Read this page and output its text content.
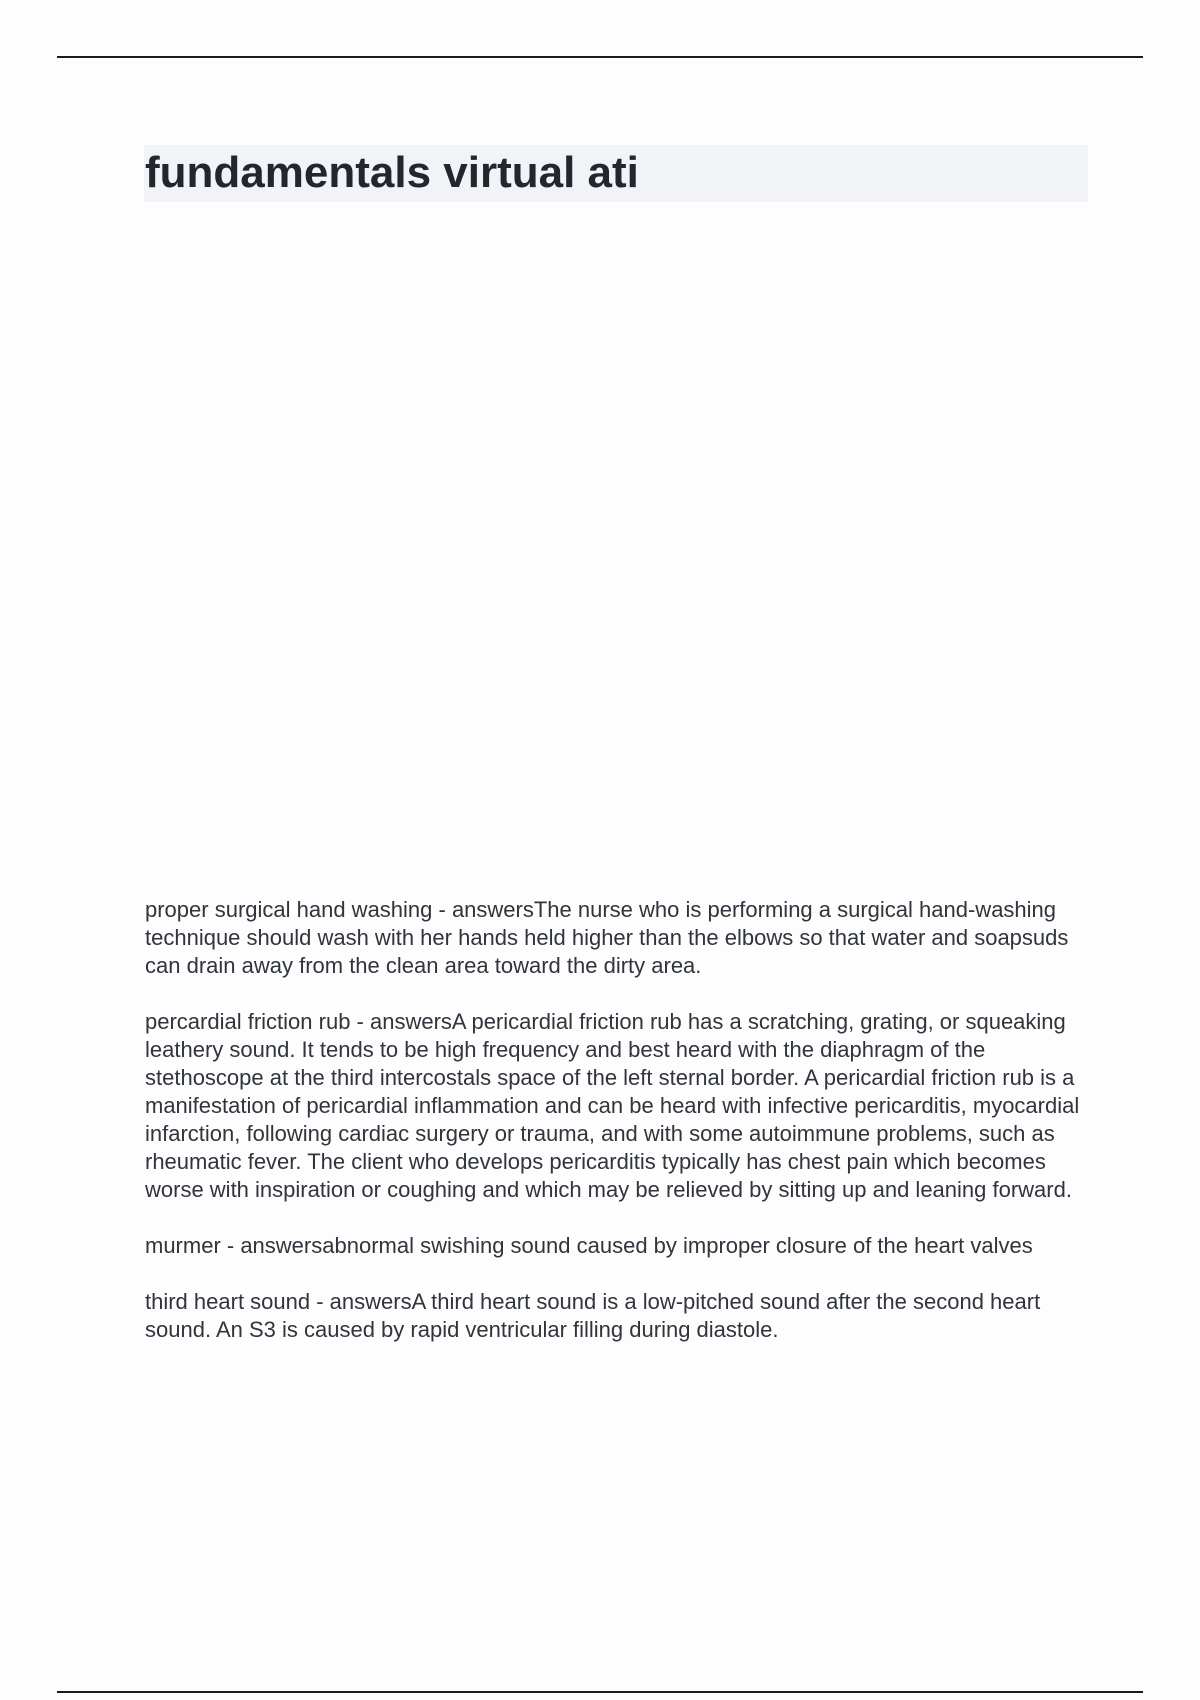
fundamentals virtual ati

proper surgical hand washing - answersThe nurse who is performing a surgical hand-washing technique should wash with her hands held higher than the elbows so that water and soapsuds can drain away from the clean area toward the dirty area.

percardial friction rub - answersA pericardial friction rub has a scratching, grating, or squeaking leathery sound. It tends to be high frequency and best heard with the diaphragm of the stethoscope at the third intercostals space of the left sternal border. A pericardial friction rub is a manifestation of pericardial inflammation and can be heard with infective pericarditis, myocardial infarction, following cardiac surgery or trauma, and with some autoimmune problems, such as rheumatic fever. The client who develops pericarditis typically has chest pain which becomes worse with inspiration or coughing and which may be relieved by sitting up and leaning forward.

murmer - answersabnormal swishing sound caused by improper closure of the heart valves

third heart sound - answersA third heart sound is a low-pitched sound after the second heart sound. An S3 is caused by rapid ventricular filling during diastole.
